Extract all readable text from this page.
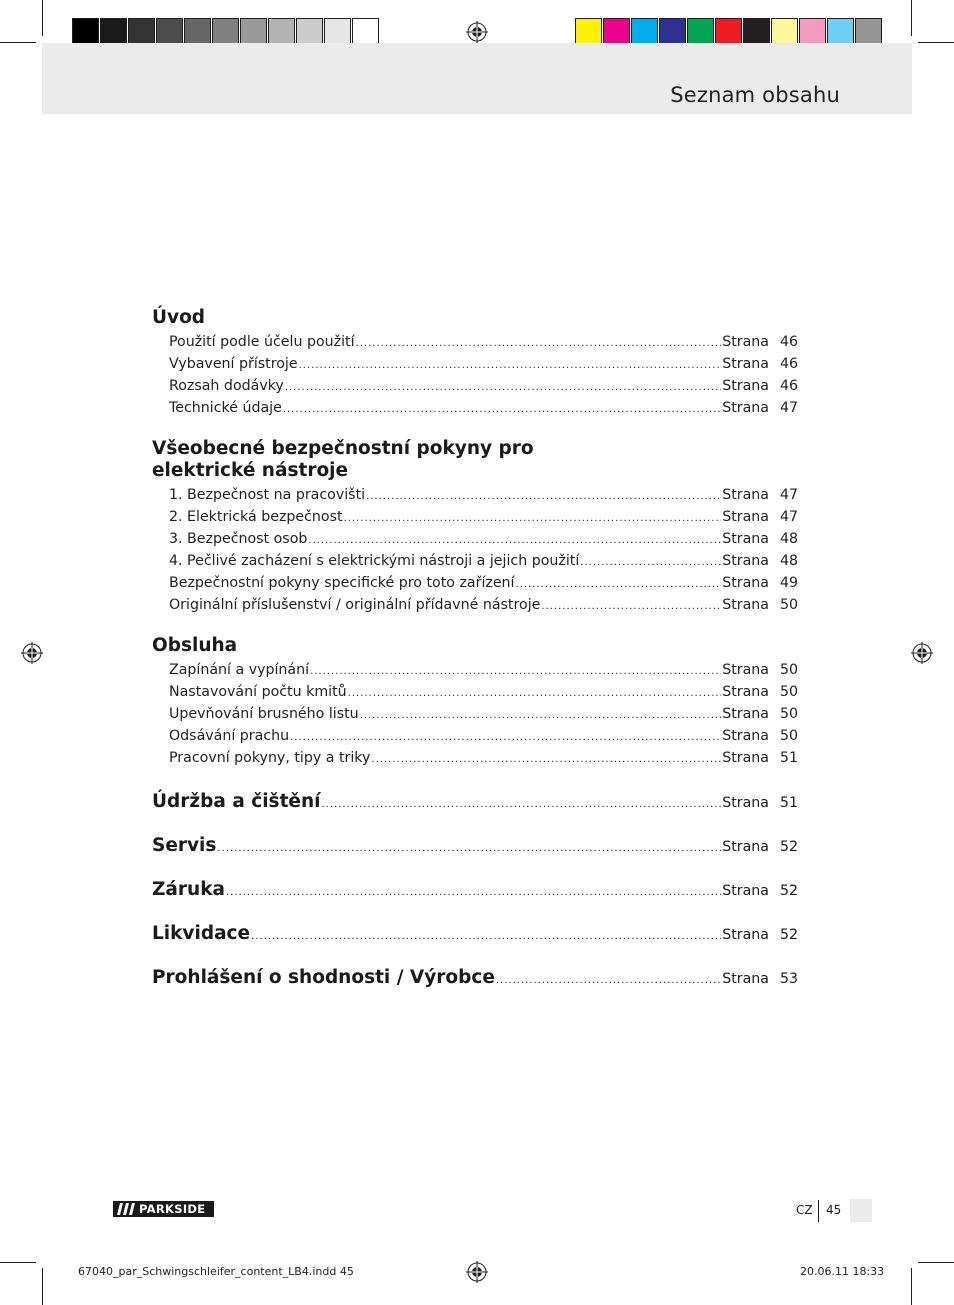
Seznam obsahu
Úvod
Použití podle účelu použití .....	Strana 46
Vybavení přístroje .....	Strana 46
Rozsah dodávky .....	Strana 46
Technické údaje .....	Strana 47
Všeobecné bezpečnostní pokyny pro elektrické nástroje
1. Bezpečnost na pracovišti .....	Strana 47
2. Elektrická bezpečnost .....	Strana 47
3. Bezpečnost osob .....	Strana 48
4. Pečlivé zacházení s elektrickými nástroji a jejich použití .....	Strana 48
Bezpečnostní pokyny specifické pro toto zařízení .....	Strana 49
Originální příslušenství / originální přídavné nástroje .....	Strana 50
Obsluha
Zapínání a vypínání .....	Strana 50
Nastavování počtu kmitů .....	Strana 50
Upevňování brusného listu .....	Strana 50
Odsávání prachu .....	Strana 50
Pracovní pokyny, tipy a triky .....	Strana 51
Údržba a čištění .....	Strana 51
Servis .....	Strana 52
Záruka .....	Strana 52
Likvidace .....	Strana 52
Prohlášení o shodnosti / Výrobce .....	Strana 53
PARKSIDE	CZ 45
67040_par_Schwingschleifer_content_LB4.indd 45	20.06.11 18:33
